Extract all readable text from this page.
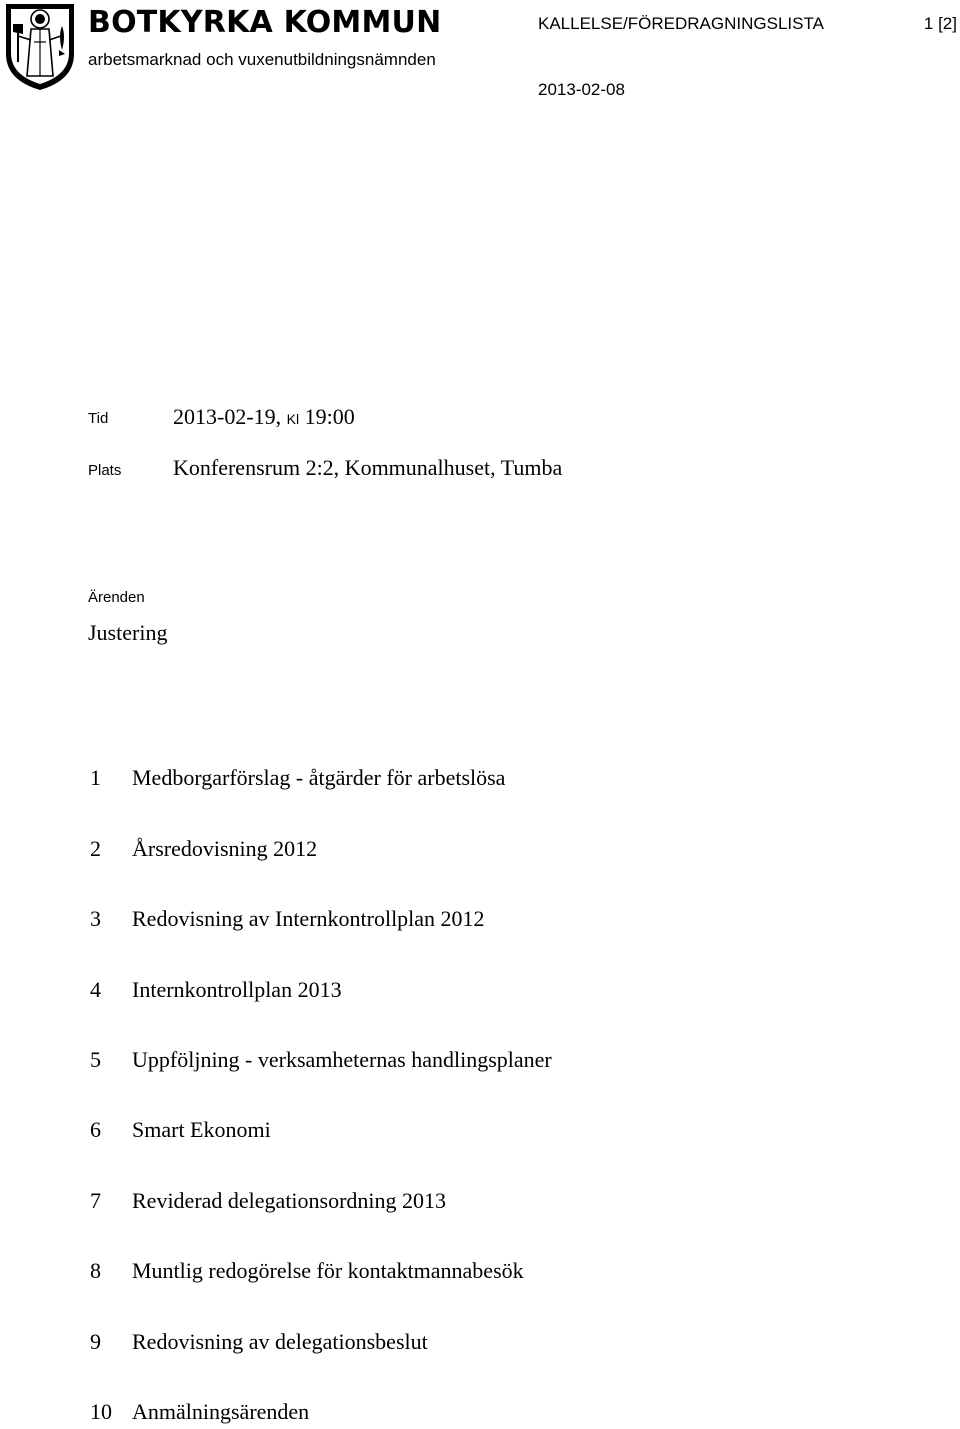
BOTKYRKA KOMMUN
arbetsmarknad och vuxenutbildningsnämnden
KALLELSE/FÖREDRAGNINGSLISTA	1 [2]
2013-02-08
Tid	2013-02-19, Kl 19:00
Plats Konferensrum 2:2, Kommunalhuset, Tumba
Ärenden
Justering
1	Medborgarförslag - åtgärder för arbetslösa
2	Årsredovisning 2012
3	Redovisning av Internkontrollplan 2012
4	Internkontrollplan 2013
5	Uppföljning - verksamheternas handlingsplaner
6	Smart Ekonomi
7	Reviderad delegationsordning 2013
8	Muntlig redogörelse för kontaktmannabesök
9	Redovisning av delegationsbeslut
10 Anmälningsärenden
